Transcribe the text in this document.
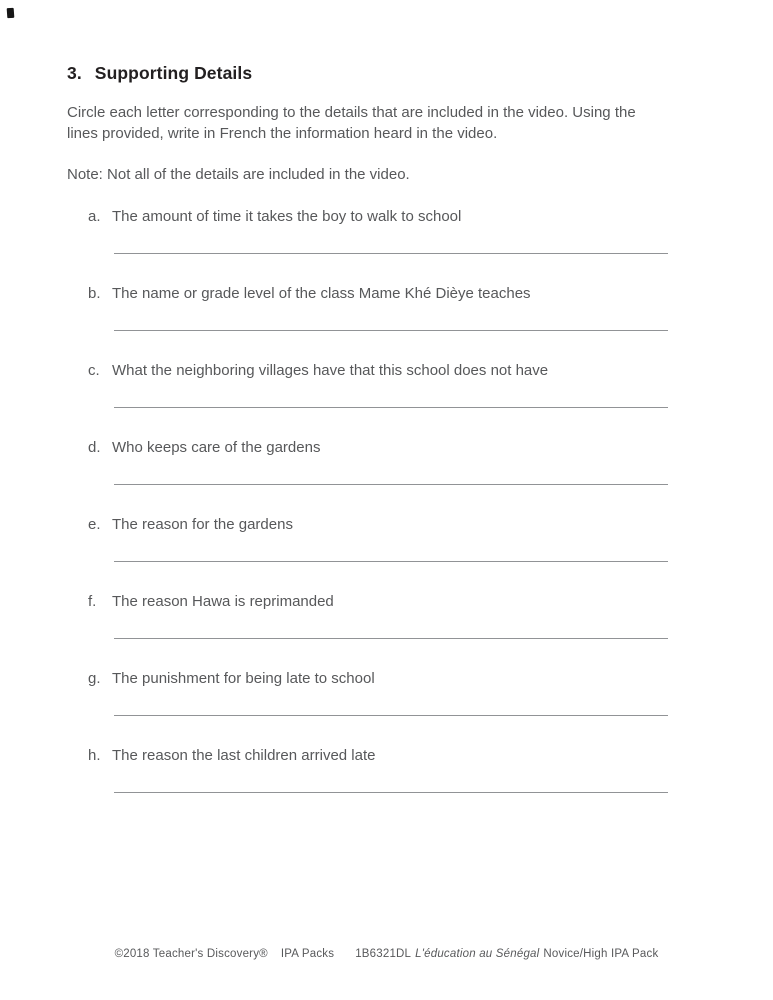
3. Supporting Details

Circle each letter corresponding to the details that are included in the video. Using the lines provided, write in French the information heard in the video.

Note: Not all of the details are included in the video.

a. The amount of time it takes the boy to walk to school
b. The name or grade level of the class Mame Khé Dièye teaches
c. What the neighboring villages have that this school does not have
d. Who keeps care of the gardens
e. The reason for the gardens
f.	The reason Hawa is reprimanded
g. The punishment for being late to school
h. The reason the last children arrived late
©2018 Teacher's Discovery® IPA Packs 1B6321DL L'éducation au Sénégal Novice/High IPA Pack
